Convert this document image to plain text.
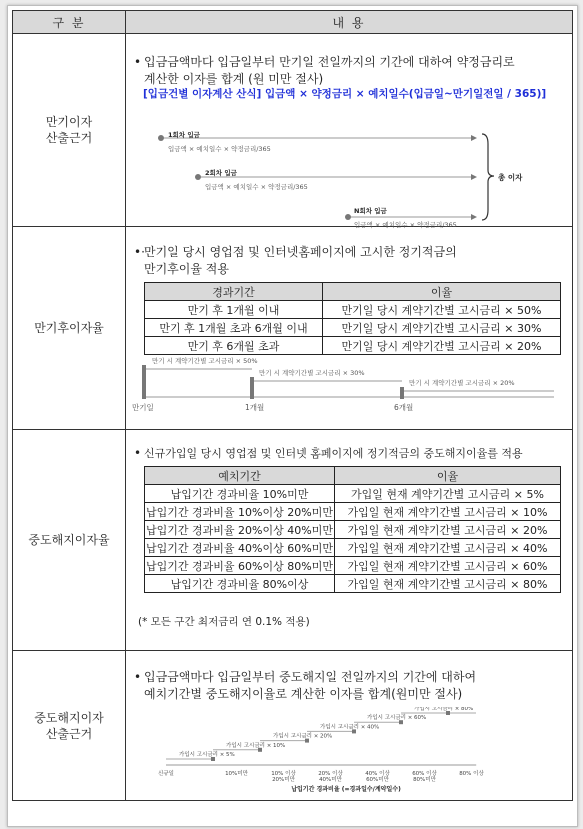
구 분	내 용
만기이자
산출근거	
• 입금금액마다 입금일부터 만기일 전일까지의 기간에 대하여 약정금리로
계산한 이자를 합계 (원 미만 절사)
[입금건별 이자계산 산식] 입금액 × 약정금리 × 예치일수(입금일~만기일전일 / 365)]
1회차 입금
입금액 × 예치일수 × 약정금리/365
2회차 입금
입금액 × 예치일수 × 약정금리/365
N회차 입금
입금액 × 예치일수 × 약정금리/365
총 이자

만기후이자율	
•·만기일 당시 영업점 및 인터넷홈페이지에 고시한 정기적금의
만기후이율 적용
경과기간	이율
만기 후 1개월 이내	만기일 당시 계약기간별 고시금리 × 50%
만기 후 1개월 초과 6개월 이내	만기일 당시 계약기간별 고시금리 × 30%
만기 후 6개월 초과	만기일 당시 계약기간별 고시금리 × 20%
만기 시 계약기간별 고시금리 × 50%
만기 시 계약기간별 고시금리 × 30%
만기 시 계약기간별 고시금리 × 20%
만기일	1개월	6개월

중도해지이자율	
• 신규가입일 당시 영업점 및 인터넷 홈페이지에 정기적금의 중도해지이율를 적용
예치기간	이율
납입기간 경과비율 10%미만	가입일 현재 계약기간별 고시금리 × 5%
납입기간 경과비율 10%이상 20%미만	가입일 현재 계약기간별 고시금리 × 10%
납입기간 경과비율 20%이상 40%미만	가입일 현재 계약기간별 고시금리 × 20%
납입기간 경과비율 40%이상 60%미만	가입일 현재 계약기간별 고시금리 × 40%
납입기간 경과비율 60%이상 80%미만	가입일 현재 계약기간별 고시금리 × 60%
납입기간 경과비율 80%이상	가입일 현재 계약기간별 고시금리 × 80%
(* 모든 구간 최저금리 연 0.1% 적용)

중도해지이자
산출근거	
• 입금금액마다 입금일부터 중도해지일 전일까지의 기간에 대하여
예치기간별 중도해지이율로 계산한 이자를 합계(원미만 절사)
가입시 고시금리 × 5%
가입시 고시금리 × 10%
가입시 고시금리 × 20%
가입시 고시금리 × 40%
가입시 고시금리 × 60%
가입시 고시금리 × 80%
신규일	10%미만	10% 이상
20%미만
20% 이상
40%미만
40% 이상
60%미만
60% 이상
80%미만
80% 이상
납입기간 경과비율 (=경과일수/계약일수)
